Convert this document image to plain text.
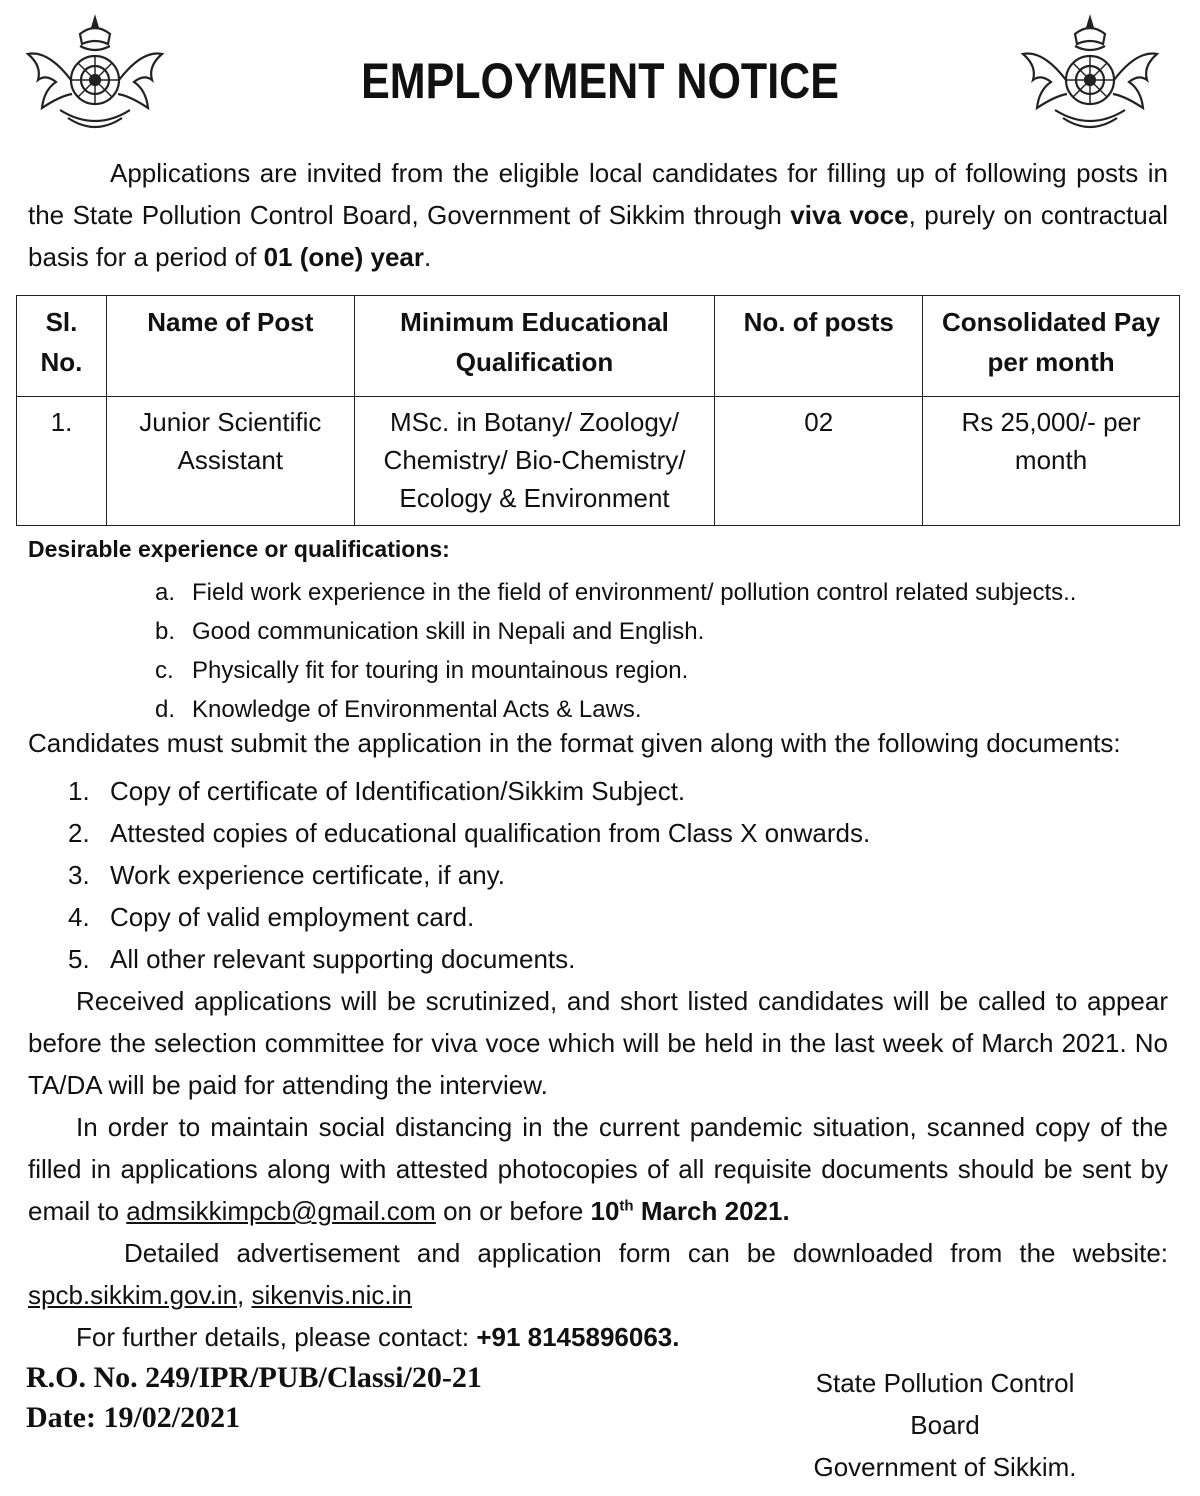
EMPLOYMENT NOTICE

Applications are invited from the eligible local candidates for filling up of following posts in the State Pollution Control Board, Government of Sikkim through viva voce, purely on contractual basis for a period of 01 (one) year.

Sl. No.	Name of Post	Minimum Educational Qualification	No. of posts	Consolidated Pay per month
1.	Junior Scientific Assistant	MSc. in Botany/ Zoology/ Chemistry/ Bio-Chemistry/ Ecology & Environment	02	Rs 25,000/- per month

Desirable experience or qualifications:

a. Field work experience in the field of environment/ pollution control related subjects..
b. Good communication skill in Nepali and English.
c. Physically fit for touring in mountainous region.
d. Knowledge of Environmental Acts & Laws.

Candidates must submit the application in the format given along with the following documents:

1. Copy of certificate of Identification/Sikkim Subject.
2. Attested copies of educational qualification from Class X onwards.
3. Work experience certificate, if any.
4. Copy of valid employment card.
5. All other relevant supporting documents.

Received applications will be scrutinized, and short listed candidates will be called to appear before the selection committee for viva voce which will be held in the last week of March 2021. No TA/DA will be paid for attending the interview.

In order to maintain social distancing in the current pandemic situation, scanned copy of the filled in applications along with attested photocopies of all requisite documents should be sent by email to admsikkimpcb@gmail.com on or before 10th March 2021.

Detailed advertisement and application form can be downloaded from the website:
spcb.sikkim.gov.in, sikenvis.nic.in

For further details, please contact: +91 8145896063.

R.O. No. 249/IPR/PUB/Classi/20-21
Date: 19/02/2021

State Pollution Control Board
Government of Sikkim.
